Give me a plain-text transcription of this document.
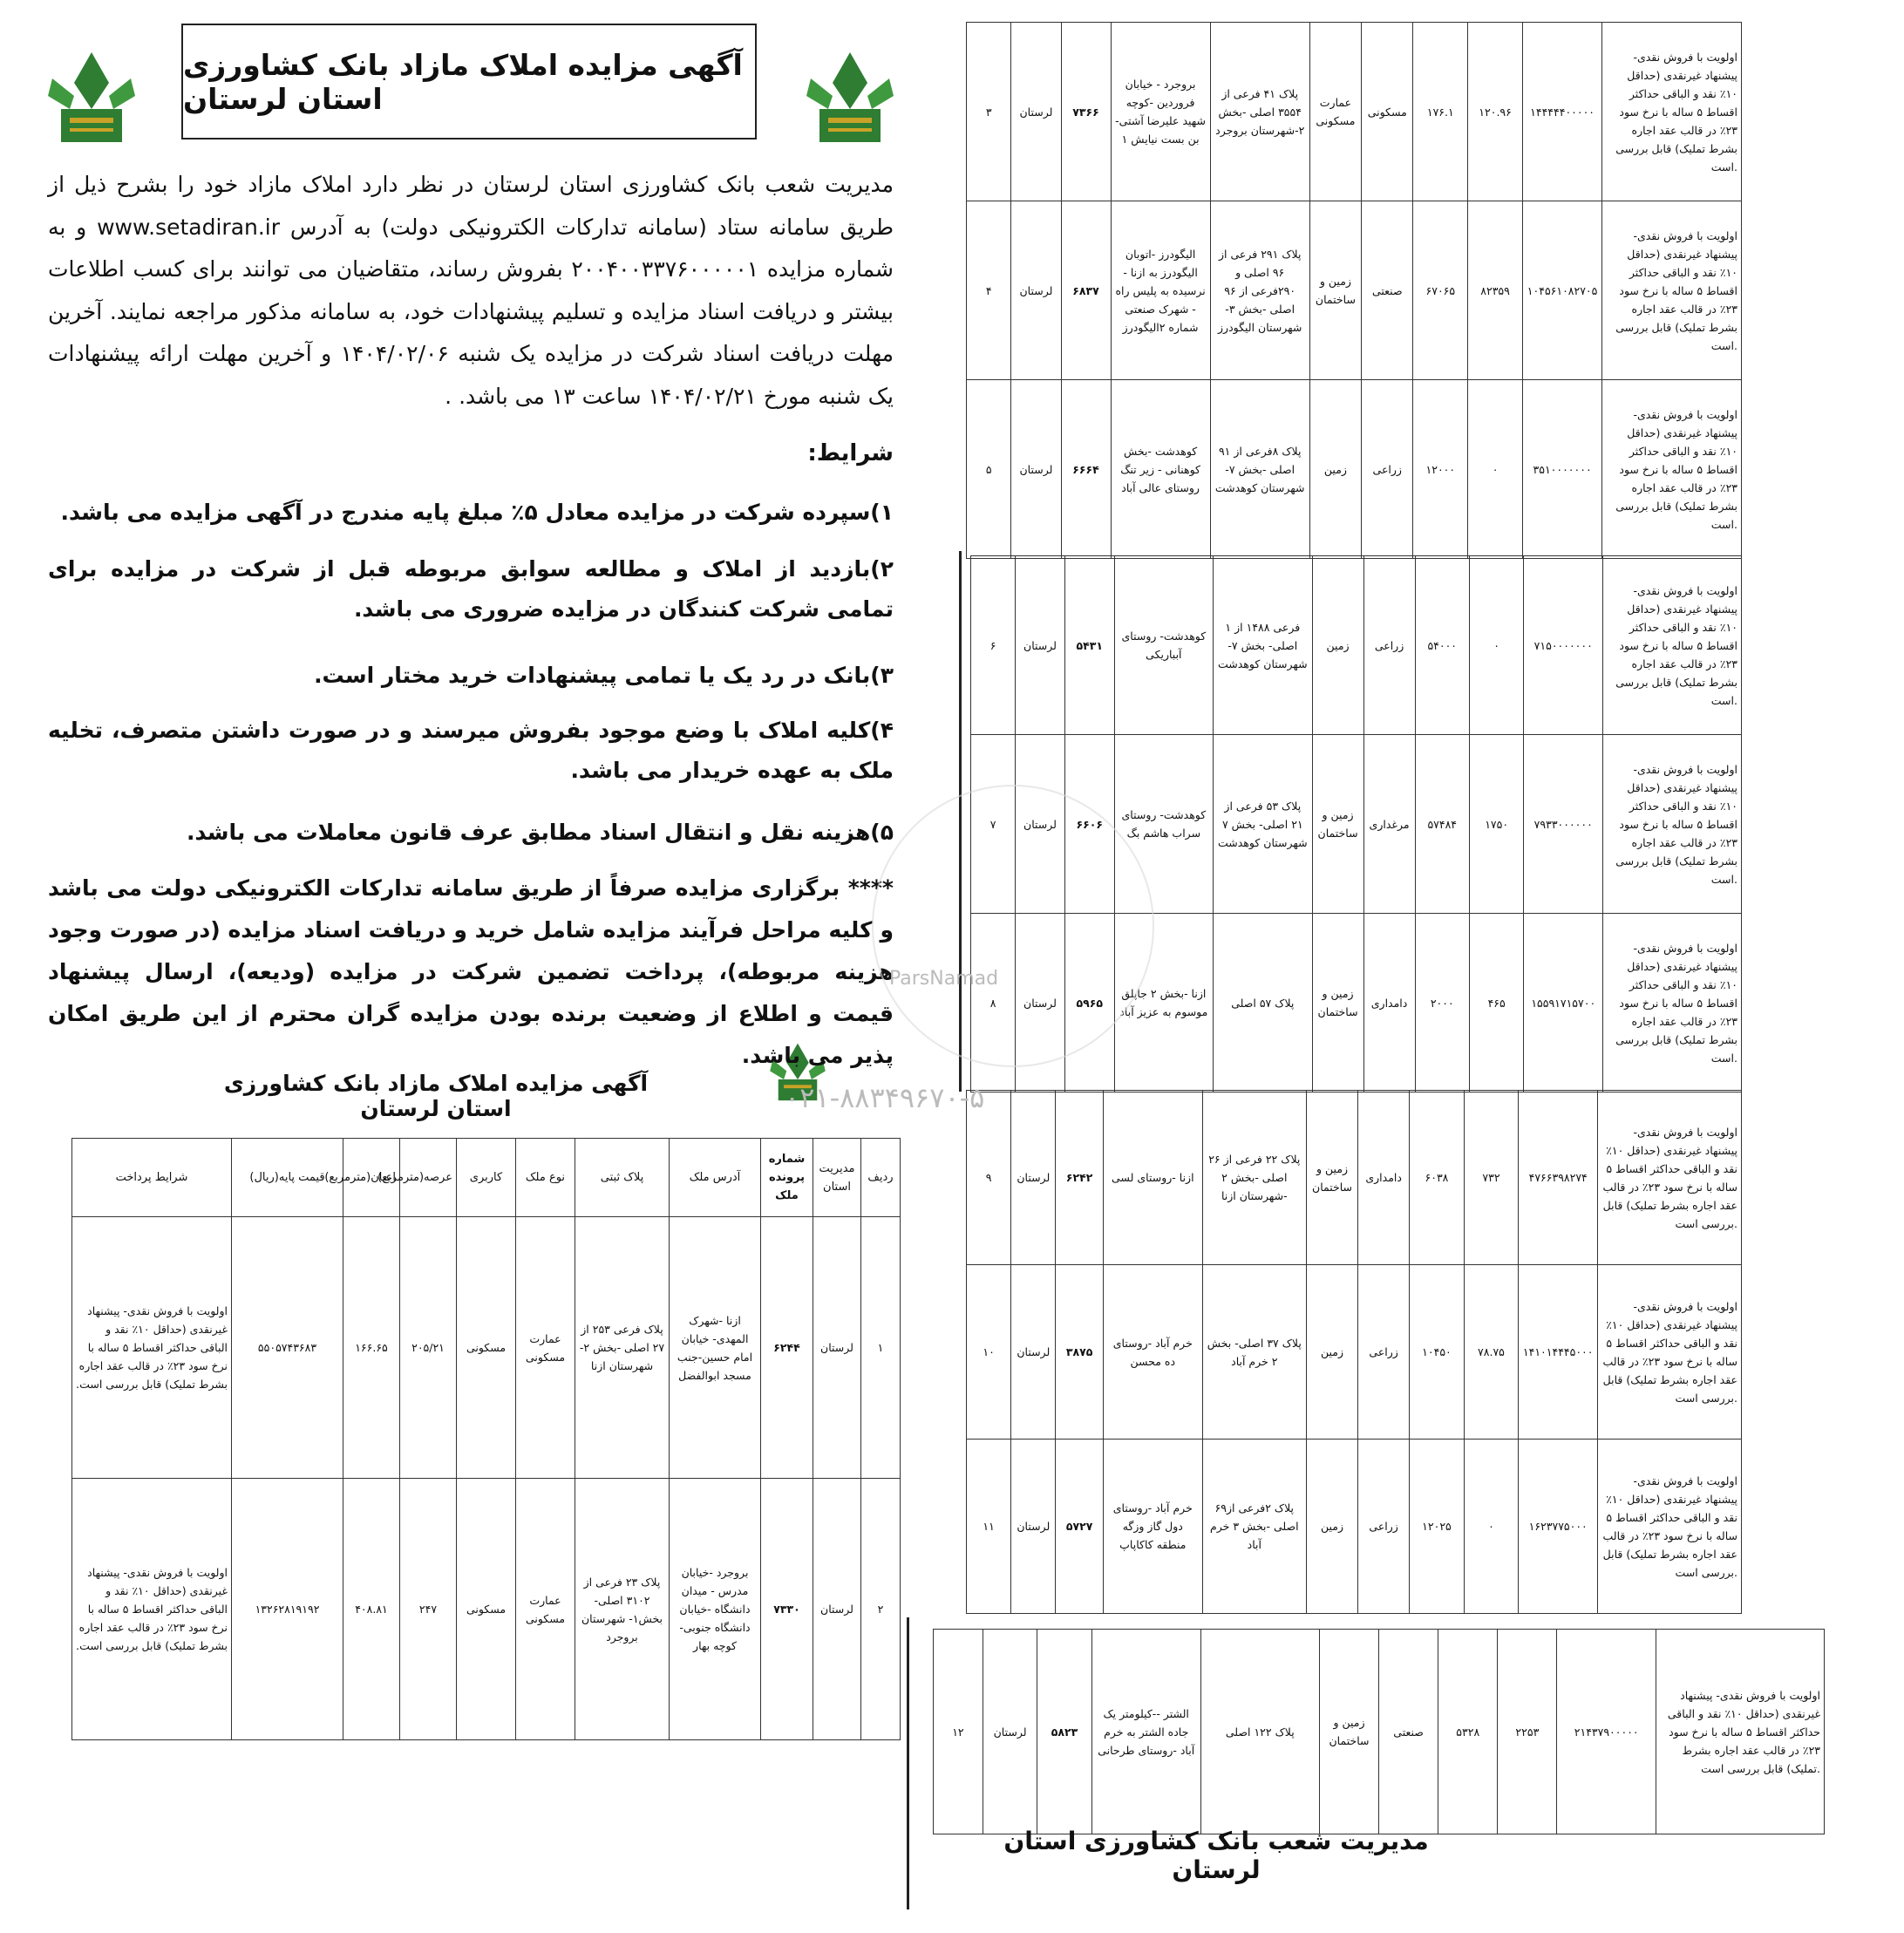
آگهی مزایده املاک مازاد بانک کشاورزی استان لرستان

مدیریت شعب بانک کشاورزی استان لرستان در نظر دارد املاک مازاد خود را بشرح ذیل از طریق سامانه ستاد (سامانه تدارکات الکترونیکی دولت) به آدرس www.setadiran.ir و به شماره مزایده ۲۰۰۴۰۰۳۳۷۶۰۰۰۰۰۱ بفروش رساند، متقاضیان می توانند برای کسب اطلاعات بیشتر و دریافت اسناد مزایده و تسلیم پیشنهادات خود، به سامانه مذکور مراجعه نمایند. آخرین مهلت دریافت اسناد شرکت در مزایده یک شنبه ۱۴۰۴/۰۲/۰۶ و آخرین مهلت ارائه پیشنهادات یک شنبه مورخ ۱۴۰۴/۰۲/۲۱ ساعت ۱۳ می باشد. .

شرایط:
۱)سپرده شرکت در مزایده معادل ۵٪ مبلغ پایه مندرج در آگهی مزایده می باشد.
۲)بازدید از املاک و مطالعه سوابق مربوطه قبل از شرکت در مزایده برای تمامی شرکت کنندگان در مزایده ضروری می باشد.
۳)بانک در رد یک یا تمامی پیشنهادات خرید مختار است.
۴)کلیه املاک با وضع موجود بفروش میرسند و در صورت داشتن متصرف، تخلیه ملک به عهده خریدار می باشد.
۵)هزینه نقل و انتقال اسناد مطابق عرف قانون معاملات می باشد.
**** برگزاری مزایده صرفاً از طریق سامانه تدارکات الکترونیکی دولت می باشد و کلیه مراحل فرآیند مزایده شامل خرید و دریافت اسناد مزایده (در صورت وجود هزینه مربوطه)، پرداخت تضمین شرکت در مزایده (ودیعه)، ارسال پیشنهاد قیمت و اطلاع از وضعیت برنده بودن مزایده گران محترم از این طریق امکان پذیر می باشد.
آگهی مزایده املاک مازاد بانک کشاورزی استان لرستان
ردیف	مدیریت استان	شماره پرونده ملک	آدرس ملک	پلاک ثبتی	نوع ملک	کاربری	عرصه(مترمربع)	اعیان(مترمربع)	قیمت پایه(ریال)	شرایط پرداخت
۱	لرستان	۶۲۴۴	ازنا -شهرک المهدی- خیابان امام حسین-جنب مسجد ابوالفضل	پلاک فرعی ۲۵۳ از ۲۷ اصلی -بخش ۲- شهرستان ازنا	عمارت مسکونی	مسکونی	۲۰۵/۲۱	۱۶۶.۶۵	۵۵۰۵۷۴۳۶۸۳	اولویت با فروش نقدی- پیشنهاد غیرنقدی (حداقل ۱۰٪ نقد و الباقی حداکثر اقساط ۵ ساله با نرخ سود ۲۳٪ در قالب عقد اجاره بشرط تملیک) قابل بررسی است.
۲	لرستان	۷۳۳۰	بروجرد -خیابان مدرس - میدان دانشگاه -خیابان دانشگاه جنوبی- کوچه بهار	پلاک ۲۳ فرعی از ۳۱۰۲ اصلی- بخش۱- شهرستان بروجرد	عمارت مسکونی	مسکونی	۲۴۷	۴۰۸.۸۱	۱۳۲۶۲۸۱۹۱۹۲	اولویت با فروش نقدی- پیشنهاد غیرنقدی (حداقل ۱۰٪ نقد و الباقی حداکثر اقساط ۵ ساله با نرخ سود ۲۳٪ در قالب عقد اجاره بشرط تملیک) قابل بررسی است.
اولویت با فروش نقدی- پیشنهاد غیرنقدی (حداقل ۱۰٪ نقد و الباقی حداکثر اقساط ۵ ساله با نرخ سود ۲۳٪ در قالب عقد اجاره بشرط تملیک) قابل بررسی است.	۱۴۴۴۴۴۰۰۰۰۰	۱۲۰.۹۶	۱۷۶.۱	مسکونی	عمارت مسکونی	پلاک ۴۱ فرعی از ۳۵۵۴ اصلی -بخش ۲-شهرستان بروجرد	بروجرد - خیابان فروردین -کوچه شهید علیرضا آشتی- بن بست نیایش ۱	۷۳۶۶	لرستان	۳
اولویت با فروش نقدی- پیشنهاد غیرنقدی (حداقل ۱۰٪ نقد و الباقی حداکثر اقساط ۵ ساله با نرخ سود ۲۳٪ در قالب عقد اجاره بشرط تملیک) قابل بررسی است.	۱۰۴۵۶۱۰۸۲۷۰۵	۸۲۳۵۹	۶۷۰۶۵	صنعتی	زمین و ساختمان	پلاک ۲۹۱ فرعی از ۹۶ اصلی و ۲۹۰فرعی از ۹۶ اصلی -بخش ۳- شهرستان الیگودرز	الیگودرز -اتوبان الیگودرز به ازنا - نرسیده به پلیس راه - شهرک صنعتی شماره ۲الیگودرز	۶۸۳۷	لرستان	۴
اولویت با فروش نقدی- پیشنهاد غیرنقدی (حداقل ۱۰٪ نقد و الباقی حداکثر اقساط ۵ ساله با نرخ سود ۲۳٪ در قالب عقد اجاره بشرط تملیک) قابل بررسی است.	۳۵۱۰۰۰۰۰۰۰	۰	۱۲۰۰۰	زراعی	زمین	پلاک ۸فرعی از ۹۱ اصلی -بخش ۷- شهرستان کوهدشت	کوهدشت -بخش کوهنانی - زیر تنگ روستای عالی آباد	۶۶۶۴	لرستان	۵
اولویت با فروش نقدی- پیشنهاد غیرنقدی (حداقل ۱۰٪ نقد و الباقی حداکثر اقساط ۵ ساله با نرخ سود ۲۳٪ در قالب عقد اجاره بشرط تملیک) قابل بررسی است.	۷۱۵۰۰۰۰۰۰۰	۰	۵۴۰۰۰	زراعی	زمین	فرعی ۱۴۸۸ از ۱ اصلی- بخش ۷- شهرستان کوهدشت	کوهدشت- روستای آبباریکی	۵۴۳۱	لرستان	۶
اولویت با فروش نقدی- پیشنهاد غیرنقدی (حداقل ۱۰٪ نقد و الباقی حداکثر اقساط ۵ ساله با نرخ سود ۲۳٪ در قالب عقد اجاره بشرط تملیک) قابل بررسی است.	۷۹۳۳۰۰۰۰۰۰	۱۷۵۰	۵۷۴۸۴	مرغداری	زمین و ساختمان	پلاک ۵۳ فرعی از ۲۱ اصلی- بخش ۷ شهرستان کوهدشت	کوهدشت- روستای سراب هاشم بگ	۶۶۰۶	لرستان	۷
اولویت با فروش نقدی- پیشنهاد غیرنقدی (حداقل ۱۰٪ نقد و الباقی حداکثر اقساط ۵ ساله با نرخ سود ۲۳٪ در قالب عقد اجاره بشرط تملیک) قابل بررسی است.	۱۵۵۹۱۷۱۵۷۰۰	۴۶۵	۲۰۰۰	دامداری	زمین و ساختمان	پلاک ۵۷ اصلی	ازنا -بخش ۲ جاپلق موسوم به عزیز آباد	۵۹۶۵	لرستان	۸
اولویت با فروش نقدی- پیشنهاد غیرنقدی (حداقل ۱۰٪ نقد و الباقی حداکثر اقساط ۵ ساله با نرخ سود ۲۳٪ در قالب عقد اجاره بشرط تملیک) قابل بررسی است.	۴۷۶۶۳۹۸۲۷۴	۷۳۲	۶۰۳۸	دامداری	زمین و ساختمان	پلاک ۲۲ فرعی از ۲۶ اصلی -بخش ۲ -شهرستان ازنا	ازنا -روستای لسی	۶۲۴۲	لرستان	۹
اولویت با فروش نقدی- پیشنهاد غیرنقدی (حداقل ۱۰٪ نقد و الباقی حداکثر اقساط ۵ ساله با نرخ سود ۲۳٪ در قالب عقد اجاره بشرط تملیک) قابل بررسی است.	۱۴۱۰۱۴۴۴۵۰۰۰	۷۸.۷۵	۱۰۴۵۰	زراعی	زمین	پلاک ۳۷ اصلی- بخش ۲ خرم آباد	خرم آباد -روستای ده محسن	۳۸۷۵	لرستان	۱۰
اولویت با فروش نقدی- پیشنهاد غیرنقدی (حداقل ۱۰٪ نقد و الباقی حداکثر اقساط ۵ ساله با نرخ سود ۲۳٪ در قالب عقد اجاره بشرط تملیک) قابل بررسی است.	۱۶۲۳۷۷۵۰۰۰	۰	۱۲۰۲۵	زراعی	زمین	پلاک ۲فرعی از۶۹ اصلی -بخش ۳ خرم آباد	خرم آباد -روستای دول گاز وزگه منطقه کاکاپاپ	۵۷۲۷	لرستان	۱۱
اولویت با فروش نقدی- پیشنهاد غیرنقدی (حداقل ۱۰٪ نقد و الباقی حداکثر اقساط ۵ ساله با نرخ سود ۲۳٪ در قالب عقد اجاره بشرط تملیک) قابل بررسی است.	۲۱۴۳۷۹۰۰۰۰۰	۲۲۵۳	۵۳۲۸	صنعتی	زمین و ساختمان	پلاک ۱۲۲ اصلی	الشتر --کیلومتر یک جاده الشتر به خرم آباد -روستای طرحانی	۵۸۲۳	لرستان	۱۲
ParsNamad
۰۲۱-۸۸۳۴۹۶۷۰-۵
مدیریت شعب بانک کشاورزی استان لرستان
